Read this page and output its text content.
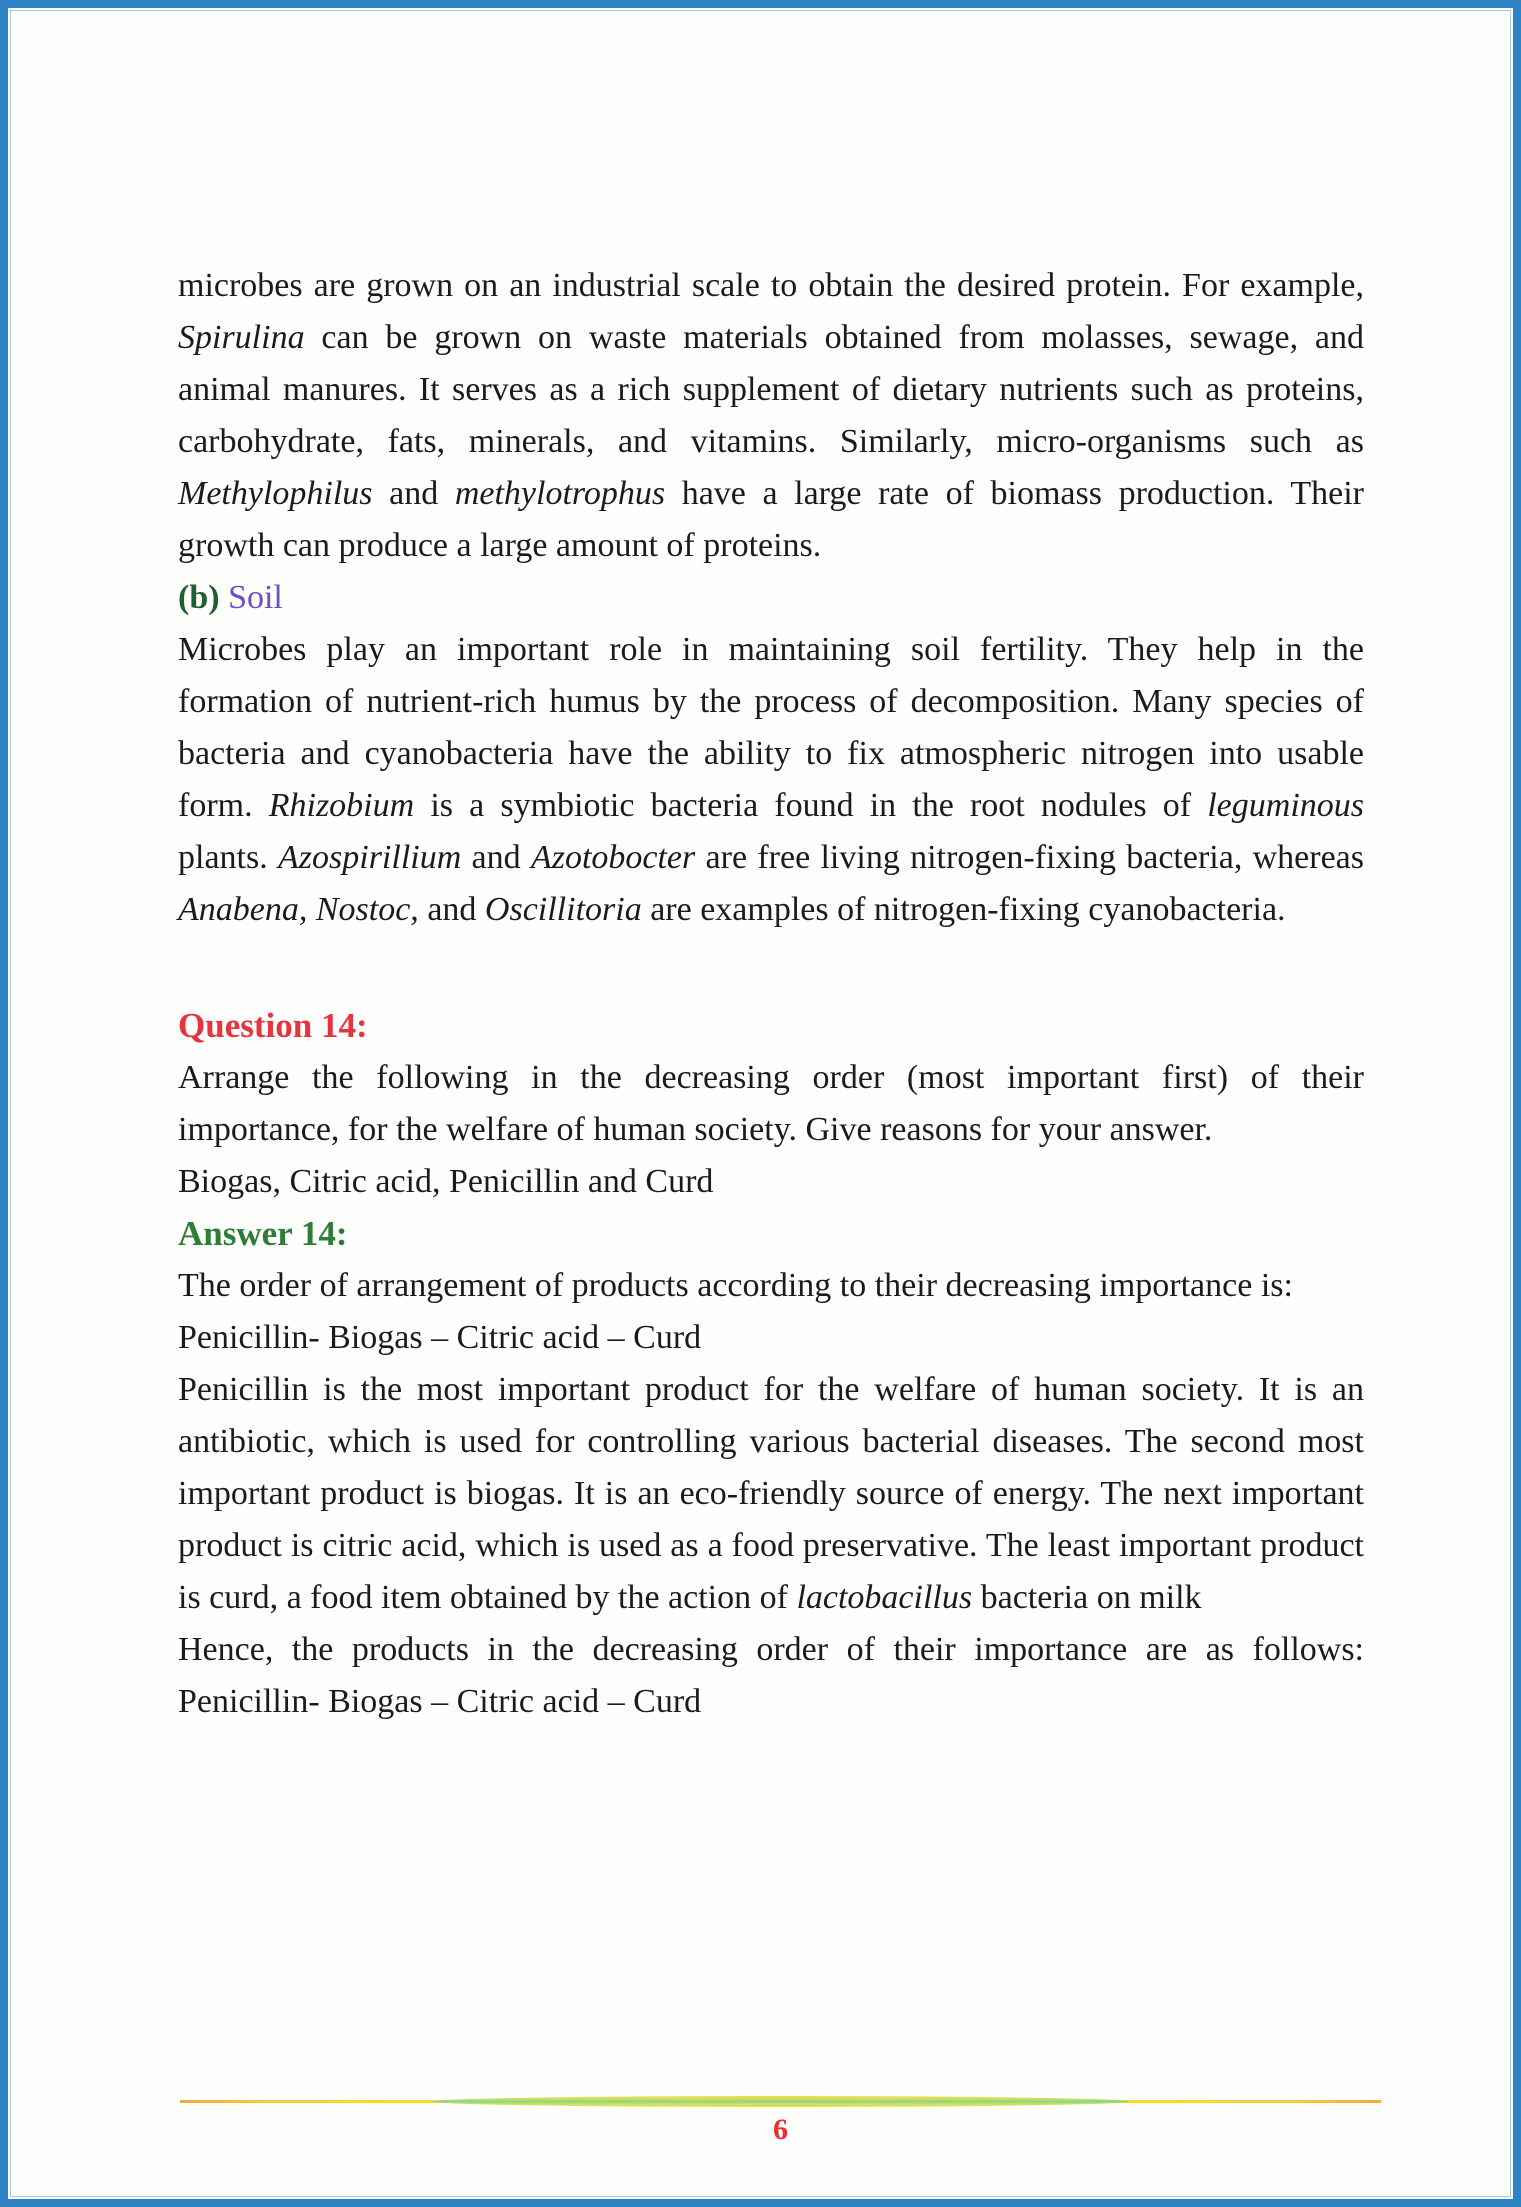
microbes are grown on an industrial scale to obtain the desired protein. For example, Spirulina can be grown on waste materials obtained from molasses, sewage, and animal manures. It serves as a rich supplement of dietary nutrients such as proteins, carbohydrate, fats, minerals, and vitamins. Similarly, micro-organisms such as Methylophilus and methylotrophus have a large rate of biomass production. Their growth can produce a large amount of proteins.

(b) Soil

Microbes play an important role in maintaining soil fertility. They help in the formation of nutrient-rich humus by the process of decomposition. Many species of bacteria and cyanobacteria have the ability to fix atmospheric nitrogen into usable form. Rhizobium is a symbiotic bacteria found in the root nodules of leguminous plants. Azospirillium and Azotobocter are free living nitrogen-fixing bacteria, whereas Anabena, Nostoc, and Oscillitoria are examples of nitrogen-fixing cyanobacteria.

Question 14:

Arrange the following in the decreasing order (most important first) of their importance, for the welfare of human society. Give reasons for your answer.

Biogas, Citric acid, Penicillin and Curd

Answer 14:

The order of arrangement of products according to their decreasing importance is:

Penicillin- Biogas – Citric acid – Curd

Penicillin is the most important product for the welfare of human society. It is an antibiotic, which is used for controlling various bacterial diseases. The second most important product is biogas. It is an eco-friendly source of energy. The next important product is citric acid, which is used as a food preservative. The least important product is curd, a food item obtained by the action of lactobacillus bacteria on milk

Hence, the products in the decreasing order of their importance are as follows: Penicillin- Biogas – Citric acid – Curd

6
